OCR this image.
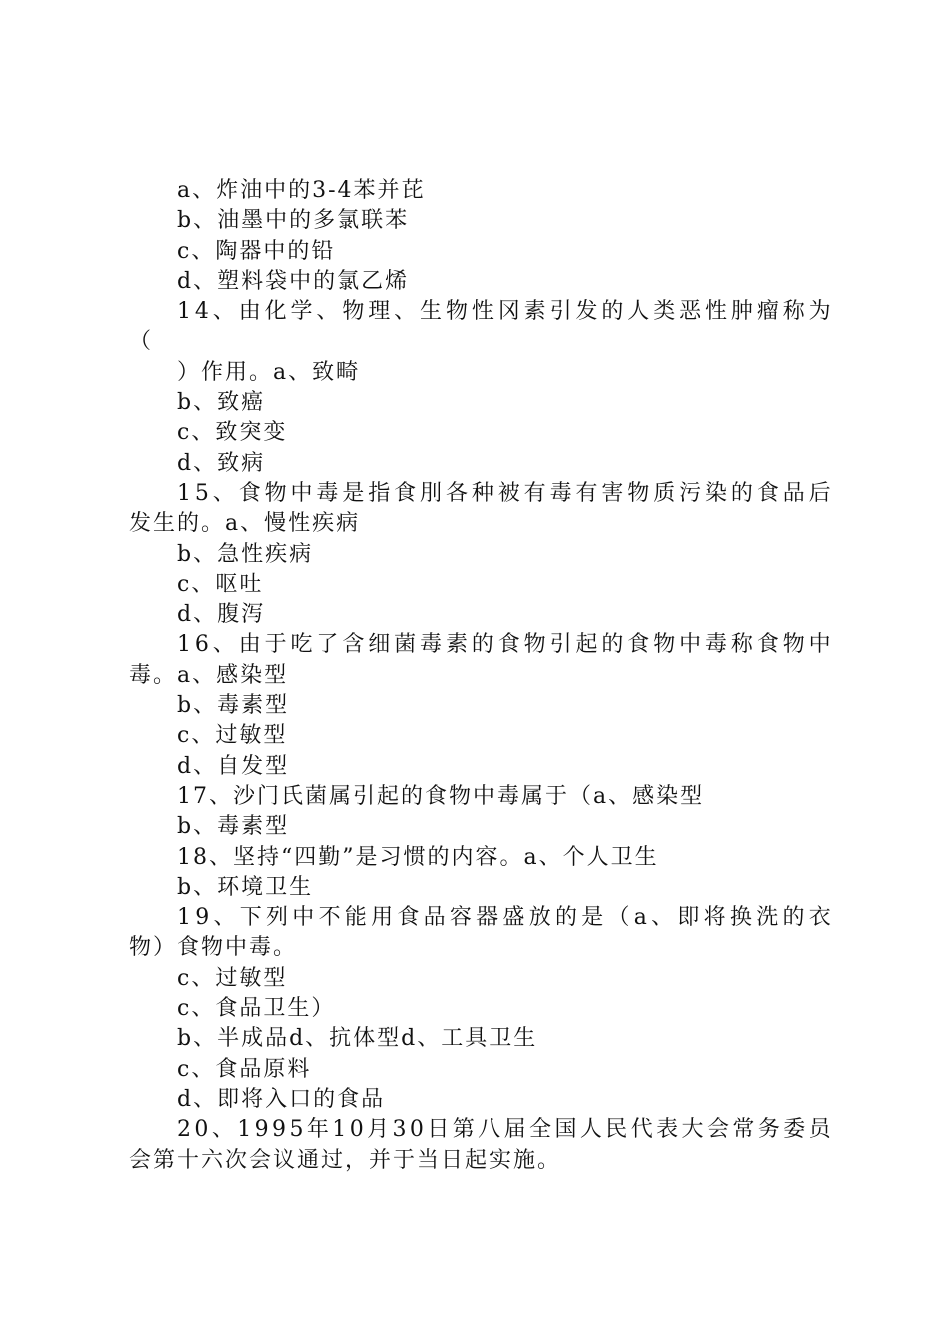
a、炸油中的3-4苯并芘
b、油墨中的多氯联苯
c、陶器中的铅
d、塑料袋中的氯乙烯
1 4 、 由 化 学 、 物 理 、 生 物 性 冈 素 引 发 的 人 类 恶 性 肿 瘤 称 为
（
）作用。a、致畸
b、致癌
c、致突变
d、致病
1 5 、 食 物 中 毒 是 指 食 刖 各 种 被 有 毒 有 害 物 质 污 染 的 食 品 后
发生的。a、慢性疾病
b、急性疾病
c、呕吐
d、腹泻
1 6 、 由 于 吃 了 含 细 菌 毒 素 的 食 物 引 起 的 食 物 中 毒 称 食 物 中
毒。a、感染型
b、毒素型
c、过敏型
d、自发型
17、沙门氏菌属引起的食物中毒属于（a、感染型
b、毒素型
18、坚持“四勤”是习惯的内容。a、个人卫生
b、环境卫生
1 9 、 下 列 中 不 能 用 食 品 容 器 盛 放 的 是 （ a 、 即 将 换 洗 的 衣
物）食物中毒。
c、过敏型
c、食品卫生）
b、半成品d、抗体型d、工具卫生
c、食品原料
d、即将入口的食品
2 0 、 1 9 9 5 年 1 0 月 3 0 日 第 八 届 全 国 人 民 代 表 大 会 常 务 委 员
会第十六次会议通过，并于当日起实施。
